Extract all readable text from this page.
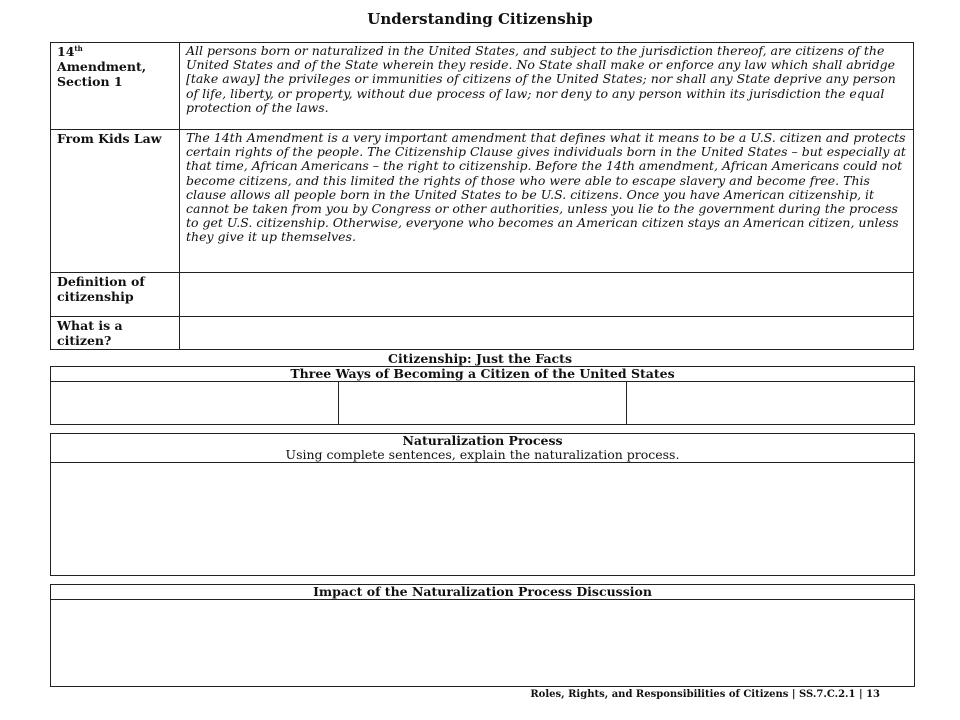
Understanding Citizenship
14th Amendment, Section 1	All persons born or naturalized in the United States, and subject to the jurisdiction thereof, are citizens of the United States and of the State wherein they reside. No State shall make or enforce any law which shall abridge [take away] the privileges or immunities of citizens of the United States; nor shall any State deprive any person of life, liberty, or property, without due process of law; nor deny to any person within its jurisdiction the equal protection of the laws.
From Kids Law	The 14th Amendment is a very important amendment that defines what it means to be a U.S. citizen and protects certain rights of the people. The Citizenship Clause gives individuals born in the United States – but especially at that time, African Americans – the right to citizenship. Before the 14th amendment, African Americans could not become citizens, and this limited the rights of those who were able to escape slavery and become free. This clause allows all people born in the United States to be U.S. citizens. Once you have American citizenship, it cannot be taken from you by Congress or other authorities, unless you lie to the government during the process to get U.S. citizenship. Otherwise, everyone who becomes an American citizen stays an American citizen, unless they give it up themselves.
Definition of citizenship	
What is a citizen?	
Citizenship: Just the Facts
Three Ways of Becoming a Citizen of the United States
Naturalization Process
Using complete sentences, explain the naturalization process.
Impact of the Naturalization Process Discussion
Roles, Rights, and Responsibilities of Citizens | SS.7.C.2.1 | 13
